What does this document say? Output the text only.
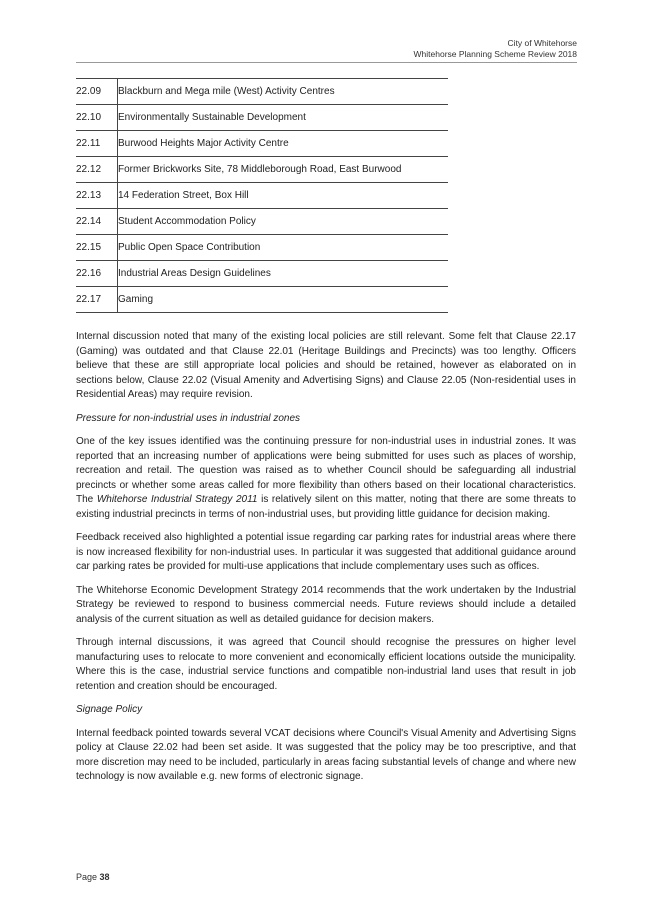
City of Whitehorse
Whitehorse Planning Scheme Review 2018
22.09	Blackburn and Mega mile (West) Activity Centres
22.10	Environmentally Sustainable Development
22.11	Burwood Heights Major Activity Centre
22.12	Former Brickworks Site, 78 Middleborough Road, East Burwood
22.13	14 Federation Street, Box Hill
22.14	Student Accommodation Policy
22.15	Public Open Space Contribution
22.16	Industrial Areas Design Guidelines
22.17	Gaming

Internal discussion noted that many of the existing local policies are still relevant. Some felt that Clause 22.17 (Gaming) was outdated and that Clause 22.01 (Heritage Buildings and Precincts) was too lengthy. Officers believe that these are still appropriate local policies and should be retained, however as elaborated on in sections below, Clause 22.02 (Visual Amenity and Advertising Signs) and Clause 22.05 (Non-residential uses in Residential Areas) may require revision.

Pressure for non-industrial uses in industrial zones

One of the key issues identified was the continuing pressure for non-industrial uses in industrial zones. It was reported that an increasing number of applications were being submitted for uses such as places of worship, recreation and retail. The question was raised as to whether Council should be safeguarding all industrial precincts or whether some areas called for more flexibility than others based on their locational characteristics. The Whitehorse Industrial Strategy 2011 is relatively silent on this matter, noting that there are some threats to existing industrial precincts in terms of non-industrial uses, but providing little guidance for decision making.

Feedback received also highlighted a potential issue regarding car parking rates for industrial areas where there is now increased flexibility for non-industrial uses. In particular it was suggested that additional guidance around car parking rates be provided for multi-use applications that include complementary uses such as offices.

The Whitehorse Economic Development Strategy 2014 recommends that the work undertaken by the Industrial Strategy be reviewed to respond to business commercial needs. Future reviews should include a detailed analysis of the current situation as well as detailed guidance for decision makers.

Through internal discussions, it was agreed that Council should recognise the pressures on higher level manufacturing uses to relocate to more convenient and economically efficient locations outside the municipality. Where this is the case, industrial service functions and compatible non-industrial land uses that result in job retention and creation should be encouraged.

Signage Policy

Internal feedback pointed towards several VCAT decisions where Council's Visual Amenity and Advertising Signs policy at Clause 22.02 had been set aside. It was suggested that the policy may be too prescriptive, and that more discretion may need to be included, particularly in areas facing substantial levels of change and where new technology is now available e.g. new forms of electronic signage.

Page 38
